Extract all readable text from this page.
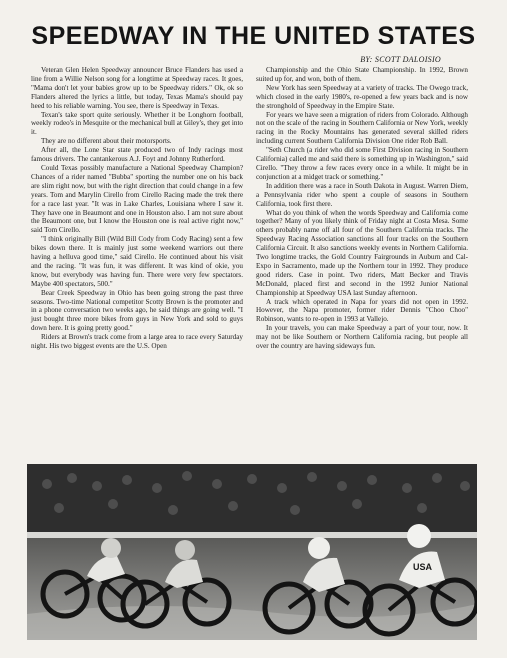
SPEEDWAY IN THE UNITED STATES
BY: SCOTT DALOISIO

Veteran Glen Helen Speedway announcer Bruce Flanders has used a line from a Willie Nelson song for a longtime at Speedway races. It goes, "Mama don't let your babies grow up to be Speedway riders." Ok, ok so Flanders altered the lyrics a little, but today, Texas Mama's should pay heed to his reliable warning. You see, there is Speedway in Texas.

Texan's take sport quite seriously. Whether it be Longhorn football, weekly rodeo's in Mesquite or the mechanical bull at Giley's, they get into it.

They are no different about their motorsports.

After all, the Lone Star state produced two of Indy racings most famous drivers. The cantankerous A.J. Foyt and Johnny Rutherford.

Could Texas possibly manufacture a National Speedway Champion? Chances of a rider named "Bubba" sporting the number one on his back are slim right now, but with the right direction that could change in a few years. Tom and Marylin Cirello from Cirello Racing made the trek there for a race last year. "It was in Lake Charles, Louisiana where I saw it. They have one in Beaumont and one in Houston also. I am not sure about the Beaumont one, but I know the Houston one is real active right now," said Tom Cirello.

"I think originally Bill (Wild Bill Cody from Cody Racing) sent a few bikes down there. It is mainly just some weekend warriors out there having a helluva good time," said Cirello. He continued about his visit and the racing. "It was fun, it was different. It was kind of okie, you know, but everybody was having fun. There were very few spectators. Maybe 400 spectators, 500."

Bear Creek Speedway in Ohio has been going strong the past three seasons. Two-time National competitor Scotty Brown is the promoter and in a phone conversation two weeks ago, he said things are going well. "I just bought three more bikes from guys in New York and sold to guys down here. It is going pretty good."

Riders at Brown's track come from a large area to race every Saturday night. His two biggest events are the U.S. Open

Championship and the Ohio State Championship. In 1992, Brown suited up for, and won, both of them.

New York has seen Speedway at a variety of tracks. The Owego track, which closed in the early 1980's, re-opened a few years back and is now the stronghold of Speedway in the Empire State.

For years we have seen a migration of riders from Colorado. Although not on the scale of the racing in Southern California or New York, weekly racing in the Rocky Mountains has generated several skilled riders including current Southern California Division One rider Rob Ball.

"Seth Church (a rider who did some First Division racing in Southern California) called me and said there is something up in Washington," said Cirello. "They throw a few races every once in a while. It might be in conjunction at a midget track or something."

In addition there was a race in South Dakota in August. Warren Diem, a Pennsylvania rider who spent a couple of seasons in Southern California, took first there.

What do you think of when the words Speedway and California come together? Many of you likely think of Friday night at Costa Mesa. Some others probably name off all four of the Southern California tracks. The Speedway Racing Association sanctions all four tracks on the Southern California Circuit. It also sanctions weekly events in Northern California. Two longtime tracks, the Gold Country Fairgrounds in Auburn and Cal-Expo in Sacramento, made up the Northern tour in 1992. They produce good riders. Case in point. Two riders, Matt Becker and Travis McDonald, placed first and second in the 1992 Junior National Championship at Speedway USA last Sunday afternoon.

A track which operated in Napa for years did not open in 1992. However, the Napa promoter, former rider Dennis "Choo Choo" Robinson, wants to re-open in 1993 at Vallejo.

In your travels, you can make Speedway a part of your tour, now. It may not be like Southern or Northern California racing, but people all over the country are having sideways fun.

USA
